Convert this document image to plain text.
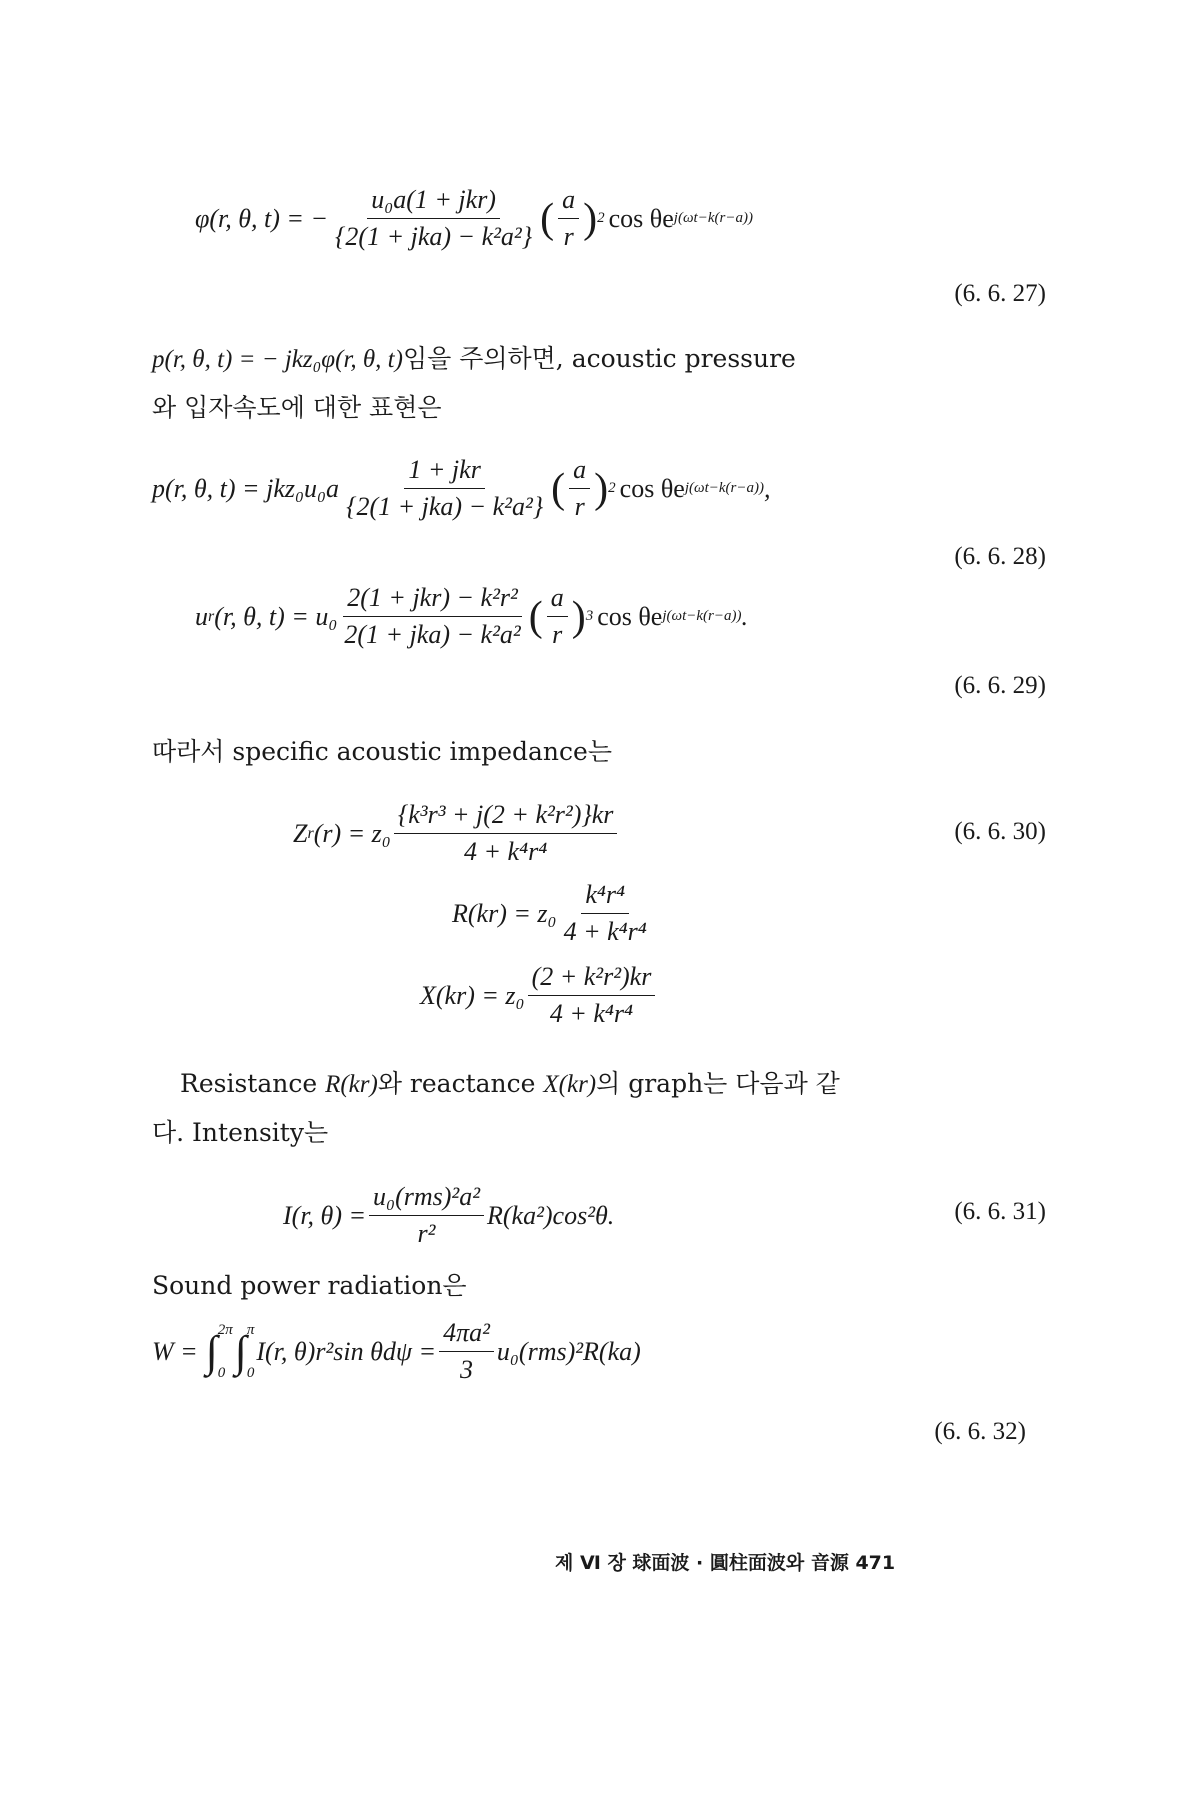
φ(r, θ, t) = − $\frac{\text{u₀a(1 + jkr)}}{\text{\{2(1 + jka) − k²a²\}}}$ ( $\frac{a}{r}$ ) 2 cos θe j(ωt−k(r−a))
(6. 6. 27)
p(r, θ, t) = − jkz₀φ(r, θ, t)임을 주의하면, acoustic pressure
와 입자속도에 대한 표현은
p(r, θ, $t) = jkz_0u_0a \frac{\text{1 + jkr}}{\text{\{2(1 + jka) − k²a²\}}}$ ( $\frac{a}{r}$ ) 2 cos θe j(ωt−k(r−a)) ,
(6. 6. 28)
u r (r, θ, $t) = u_0 \frac{\text{2(1 + jkr) − k²r²}}{\text{2(1 + jka) − k²a²}}$ ( $\frac{a}{r}$ ) 3 cos θe j(ωt−k(r−a)) .
(6. 6. 29)
따라서 specific acoustic impedance는
Z r $(r) = z_0 \frac{\text{\{k³r³ + j(2 + k²r²)\}kr}}{\text{4 + k⁴r⁴}}$	(6. 6. 30)
$R(kr) = z_0 \frac{\text{k⁴r⁴}}{\text{4 + k⁴r⁴}}$
$X(kr) = z_0 \frac{\text{(2 + k²r²)kr}}{\text{4 + k⁴r⁴}}$
Resistance R(kr)와 reactance X(kr)의 graph는 다음과 같
다. Intensity는
I(r, $\theta) = \frac{\text{u₀(rms)²a²}}{\text{r²}} R(ka^2)\cos^2\theta$.	(6. 6. 31)
Sound power radiation은
W = ∫ 2π
0 ∫ π
0
I(r, θ)r²sin $\theta d\psi = \frac{\text{4πa²}}{3} u_0(rms)^2R(ka)$
(6. 6. 32)
제 Ⅵ 장 球面波 · 圓柱面波와 音源 471
